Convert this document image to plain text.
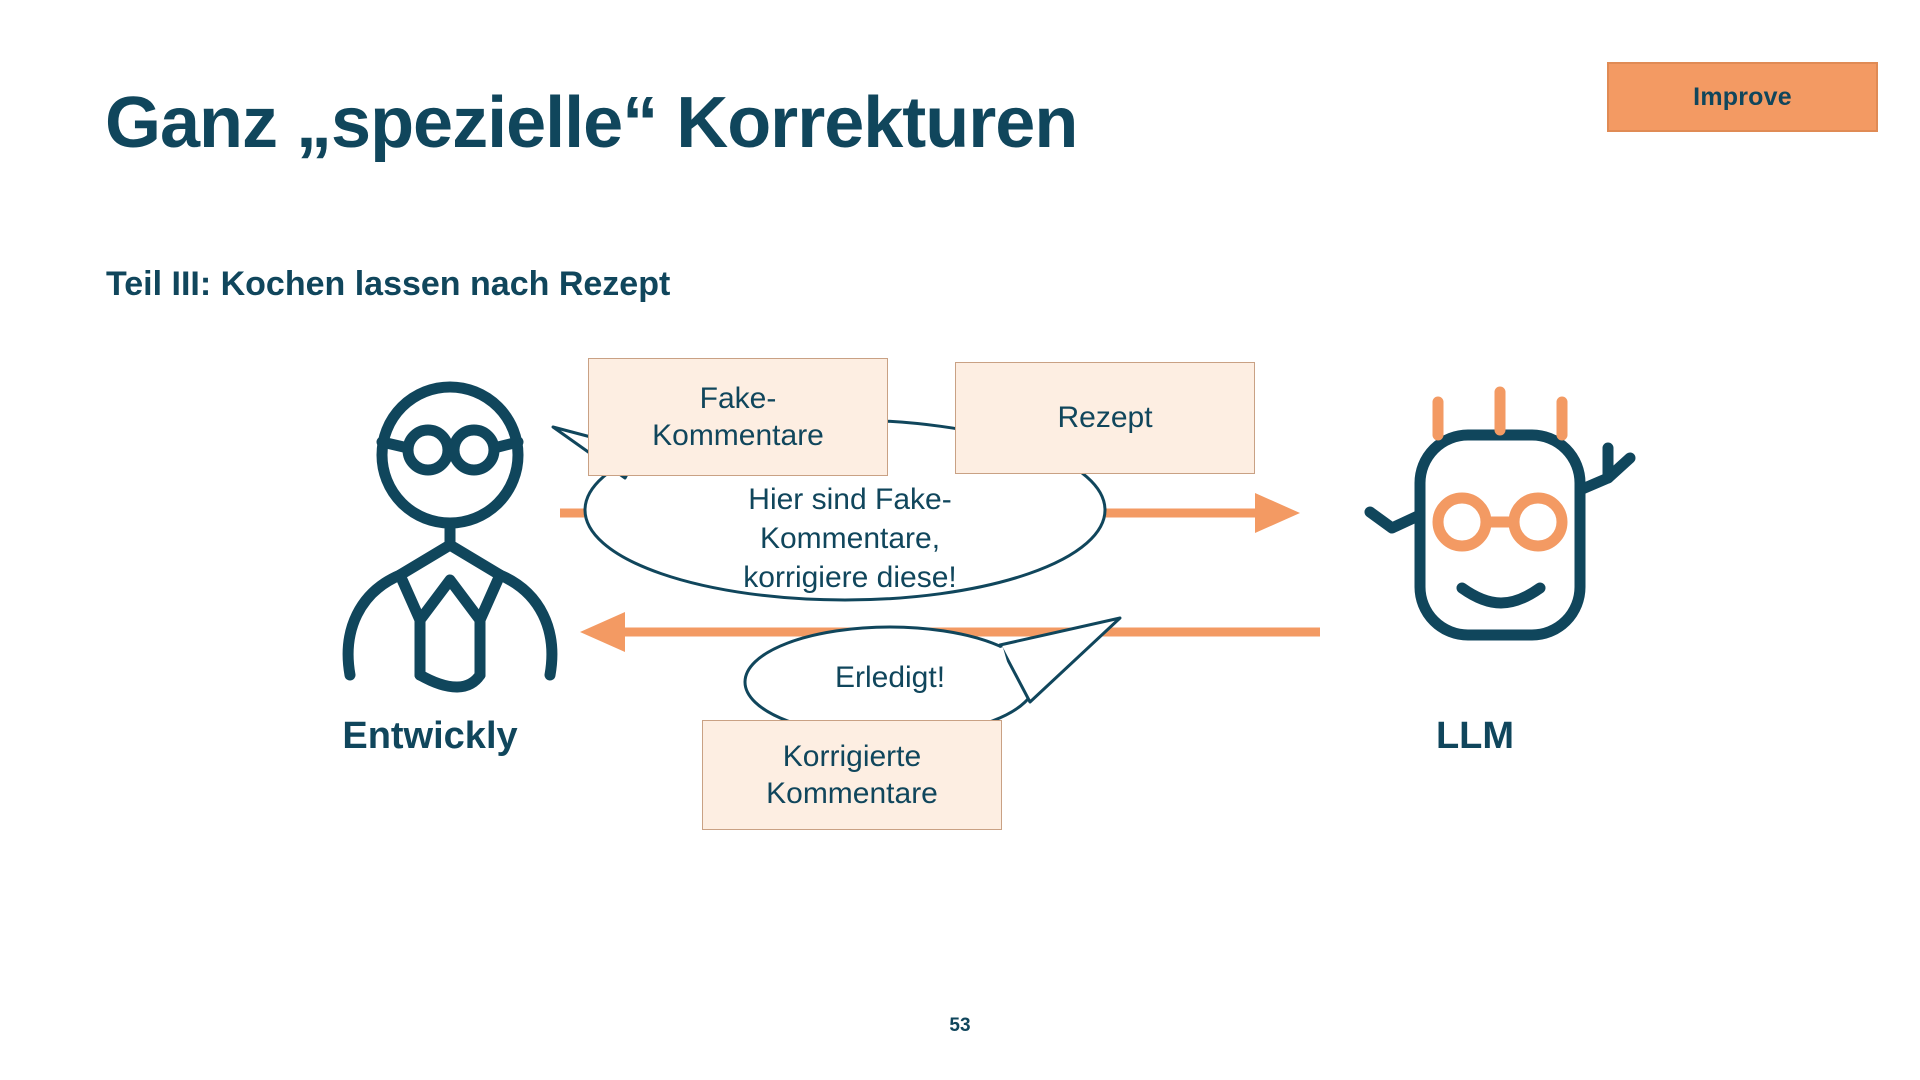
Improve
Ganz „spezielle“ Korrekturen
Teil III: Kochen lassen nach Rezept
Fake-
Kommentare
Rezept
Korrigierte
Kommentare
Hier sind Fake-
Kommentare,
korrigiere diese!
Erledigt!
Entwickly	LLM
53
